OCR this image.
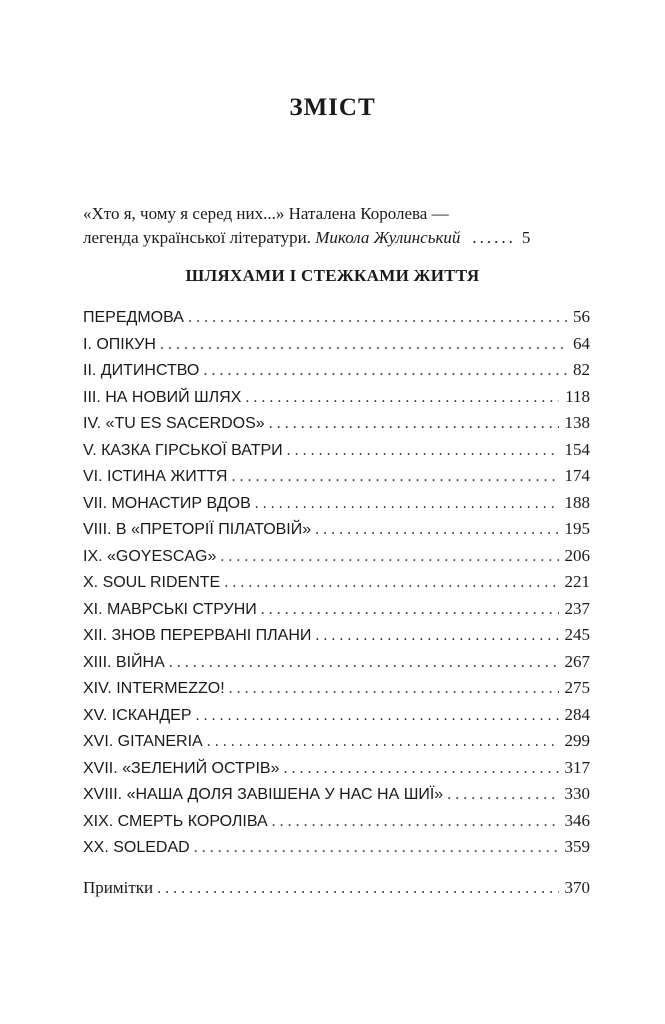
ЗМІСТ
«Хто я, чому я серед них...» Наталена Королева —
легенда української літератури.
Микола Жулинський ...... 5
ШЛЯХАМИ І СТЕЖКАМИ ЖИТТЯ
ПЕРЕДМОВА . . .	56
I. ОПІКУН . . .	64
II. ДИТИНСТВО . . .	82
III. НА НОВИЙ ШЛЯХ . . .	118
IV. «TU ES SACERDOS» . . .	138
V. КАЗКА ГІРСЬКОЇ ВАТРИ . . .	154
VI. ІСТИНА ЖИТТЯ . . .	174
VII. МОНАСТИР ВДОВ . . .	188
VIII. В «ПРЕТОРІЇ ПІЛАТОВІЙ» . . .	195
IX. «GOYESCAG» . . .	206
X. SOUL RIDENTE . . .	221
XI. МАВРСЬКІ СТРУНИ . . .	237
XII. ЗНОВ ПЕРЕРВАНІ ПЛАНИ . . .	245
XIII. ВІЙНА . . .	267
XIV. INTERMEZZO! . . .	275
XV. ІСКАНДЕР . . .	284
XVI. GITANERIA . . .	299
XVII. «ЗЕЛЕНИЙ ОСТРІВ» . . .	317
XVIII. «НАША ДОЛЯ ЗАВІШЕНА У НАС НА ШИЇ» . . .	330
XIX. СМЕРТЬ КОРОЛІВА . . .	346
XX. SOLEDAD . . .	359
Примітки . . .	370
